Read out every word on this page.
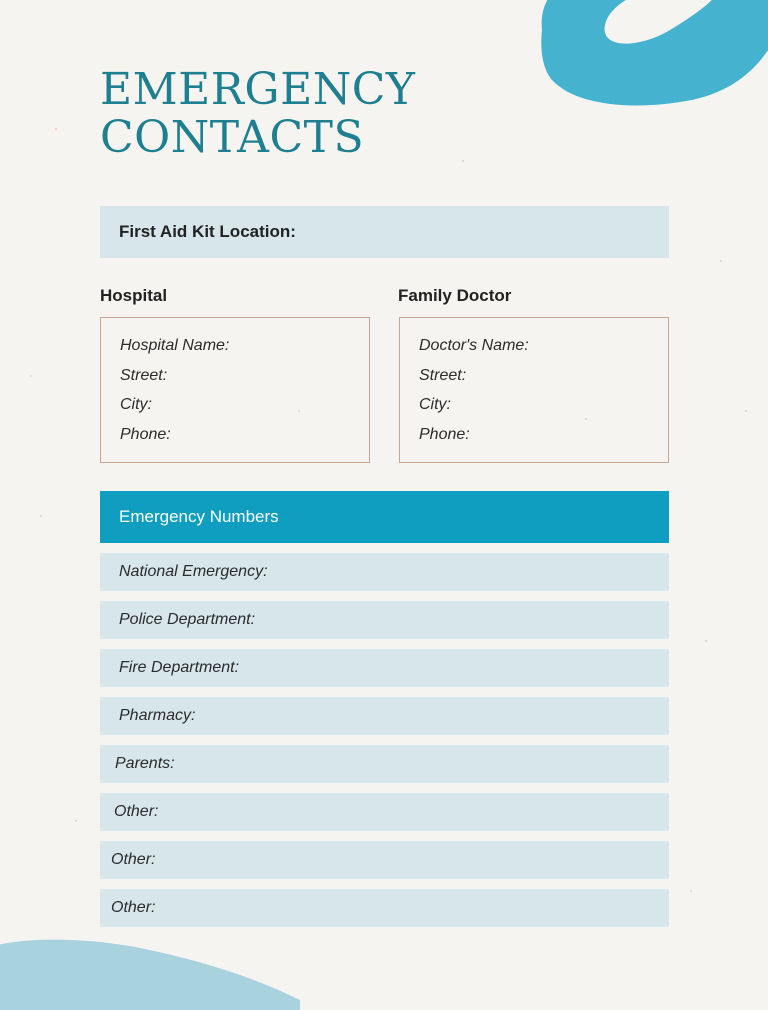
EMERGENCY
CONTACTS
First Aid Kit Location:
Hospital	Family Doctor
Hospital Name:
Street:
City:
Phone:
Doctor's Name:
Street:
City:
Phone:
Emergency Numbers
National Emergency:
Police Department:
Fire Department:
Pharmacy:
Parents:
Other:
Other:
Other:
